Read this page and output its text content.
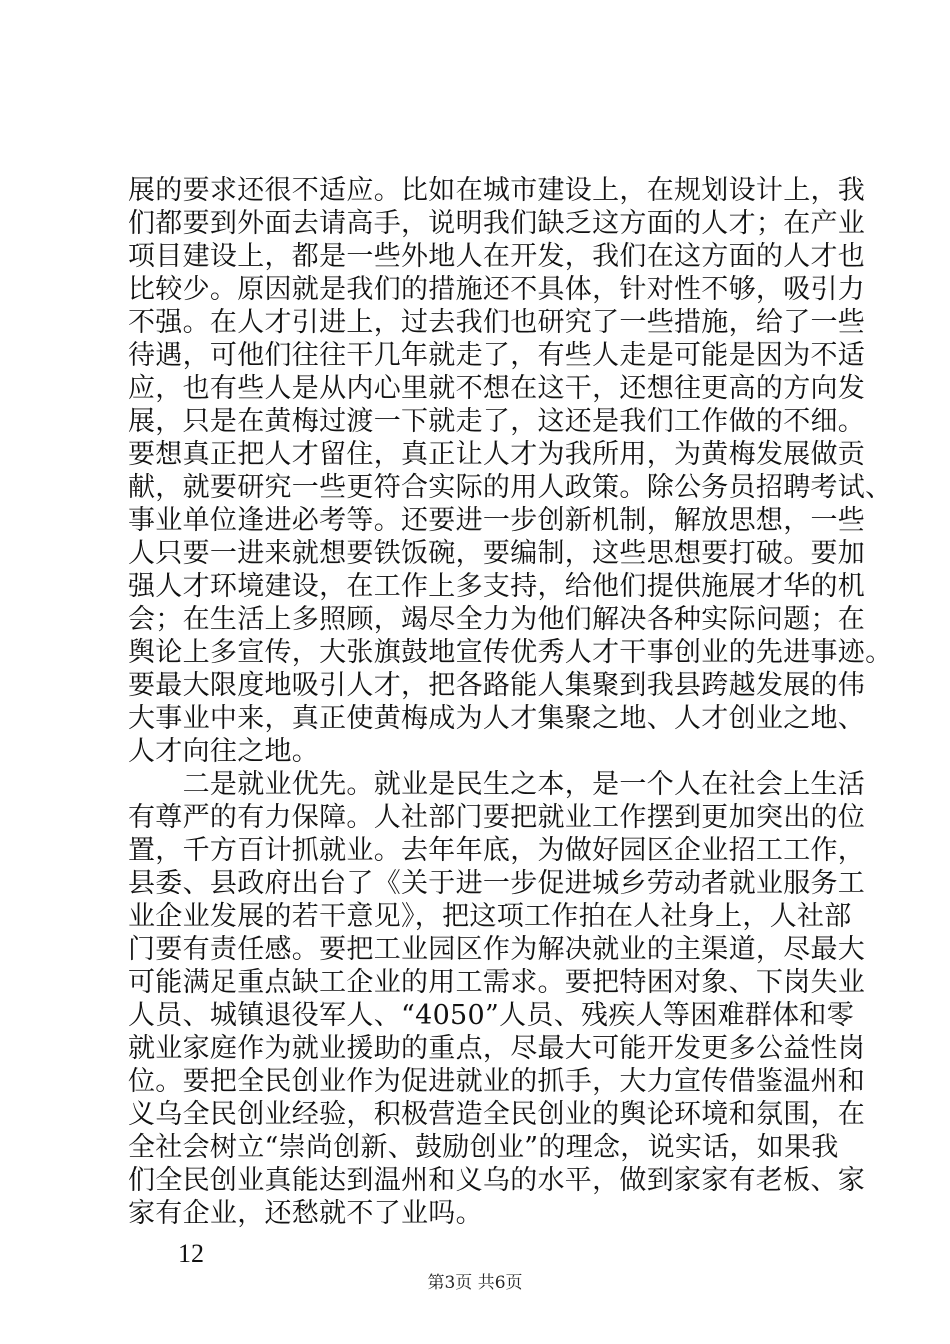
展的要求还很不适应。比如在城市建设上，在规划设计上，我
们都要到外面去请高手，说明我们缺乏这方面的人才；在产业
项目建设上，都是一些外地人在开发，我们在这方面的人才也
比较少。原因就是我们的措施还不具体，针对性不够，吸引力
不强。在人才引进上，过去我们也研究了一些措施，给了一些
待遇，可他们往往干几年就走了，有些人走是可能是因为不适
应，也有些人是从内心里就不想在这干，还想往更高的方向发
展，只是在黄梅过渡一下就走了，这还是我们工作做的不细。
要想真正把人才留住，真正让人才为我所用，为黄梅发展做贡
献，就要研究一些更符合实际的用人政策。除公务员招聘考试、
事业单位逢进必考等。还要进一步创新机制，解放思想，一些
人只要一进来就想要铁饭碗，要编制，这些思想要打破。要加
强人才环境建设，在工作上多支持，给他们提供施展才华的机
会；在生活上多照顾，竭尽全力为他们解决各种实际问题；在
舆论上多宣传，大张旗鼓地宣传优秀人才干事创业的先进事迹。
要最大限度地吸引人才，把各路能人集聚到我县跨越发展的伟
大事业中来，真正使黄梅成为人才集聚之地、人才创业之地、
人才向往之地。
　　二是就业优先。就业是民生之本，是一个人在社会上生活
有尊严的有力保障。人社部门要把就业工作摆到更加突出的位
置，千方百计抓就业。去年年底，为做好园区企业招工工作，
县委、县政府出台了《关于进一步促进城乡劳动者就业服务工
业企业发展的若干意见》，把这项工作拍在人社身上，人社部
门要有责任感。要把工业园区作为解决就业的主渠道，尽最大
可能满足重点缺工企业的用工需求。要把特困对象、下岗失业
人员、城镇退役军人、“4050”人员、残疾人等困难群体和零
就业家庭作为就业援助的重点，尽最大可能开发更多公益性岗
位。要把全民创业作为促进就业的抓手，大力宣传借鉴温州和
义乌全民创业经验，积极营造全民创业的舆论环境和氛围，在
全社会树立“崇尚创新、鼓励创业”的理念，说实话，如果我
们全民创业真能达到温州和义乌的水平，做到家家有老板、家
家有企业，还愁就不了业吗。
12
第3页 共6页
